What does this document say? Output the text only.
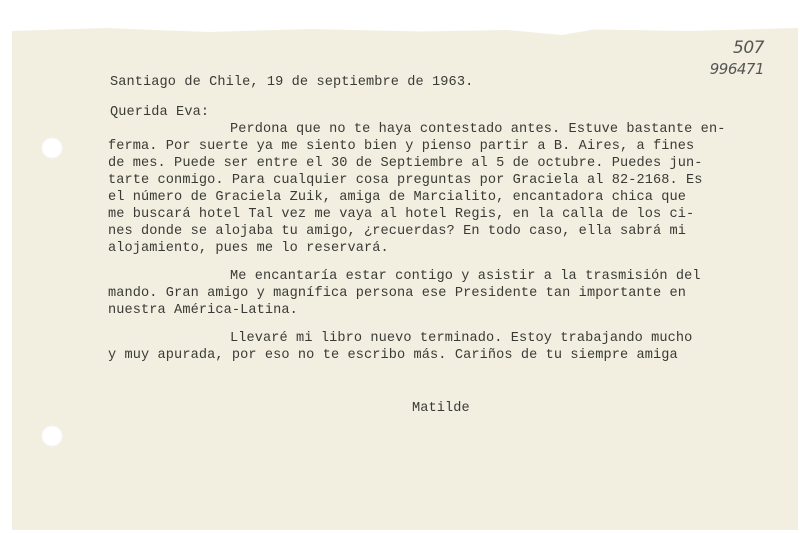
507
996471

Santiago de Chile, 19 de septiembre de 1963.

Querida Eva:

Perdona que no te haya contestado antes. Estuve bastante en-

ferma. Por suerte ya me siento bien y pienso partir a B. Aires, a fines

de mes. Puede ser entre el 30 de Septiembre al 5 de octubre. Puedes jun-

tarte conmigo. Para cualquier cosa preguntas por Graciela al 82-2168. Es

el número de Graciela Zuik, amiga de Marcialito, encantadora chica que

me buscará hotel Tal vez me vaya al hotel Regis, en la calla de los ci-

nes donde se alojaba tu amigo, ¿recuerdas? En todo caso, ella sabrá mi

alojamiento, pues me lo reservará.

Me encantaría estar contigo y asistir a la trasmisión del

mando. Gran amigo y magnífica persona ese Presidente tan importante en

nuestra América-Latina.

Llevaré mi libro nuevo terminado. Estoy trabajando mucho

y muy apurada, por eso no te escribo más. Cariños de tu siempre amiga

Matilde
